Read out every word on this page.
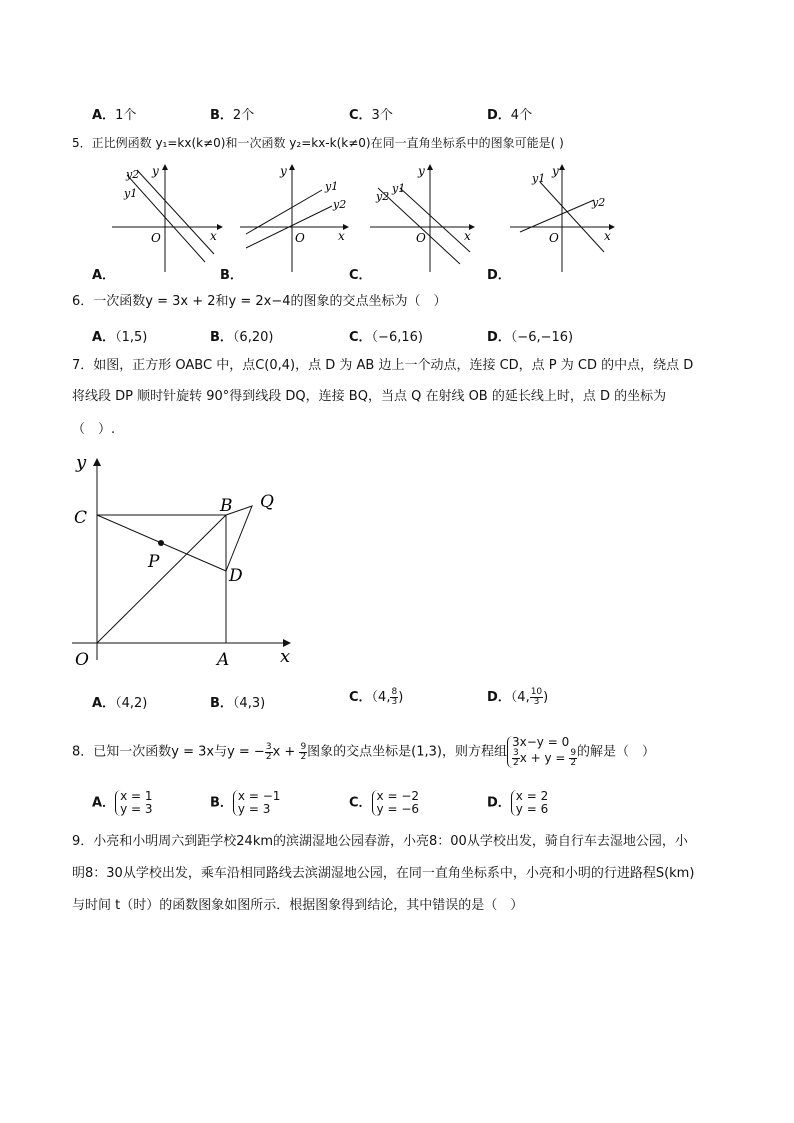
A．1个	B．2个	C．3个	D．4个
5．正比例函数 y₁=kx(k≠0)和一次函数 y₂=kx-k(k≠0)在同一直角坐标系中的图象可能是( )
y1
y2 y
x
O
y1
y2
y
x
O
y1
y2
y
x
O
y1
y2
y
x
O
A．	B．	C．	D．
6．一次函数y = 3x + 2和y = 2x−4的图象的交点坐标为（　）
A．（1,5)	B．（6,20)	C．（−6,16)	D．（−6,−16)
7．如图，正方形 OABC 中，点C(0,4)，点 D 为 AB 边上一个动点，连接 CD，点 P 为 CD 的中点，绕点 D
将线段 DP 顺时针旋转 90°得到线段 DQ，连接 BQ，当点 Q 在射线 OB 的延长线上时，点 D 的坐标为
（　）.
y
C
B Q
P
D
O	A	x
A．（4,2)	B．（4,3)	C．（4, $\frac{8}{3}$ )	D．（4, $\frac{10}{3}$ )
8．已知一次函数y = 3x与y = − $\frac{3}{2}$ $x + \frac{9}{2}$ 图象的交点坐标是(1,3)，则方程组
3x−y = 0
$\frac{3}{2}$ $x + y = \frac{9}{2}$ 的解是（　）
A． x = 1
y = 3	B． x = −1
y = 3	C． x = −2
y = −6	D． x = 2
y = 6
9．小亮和小明周六到距学校24km的滨湖湿地公园春游，小亮8：00从学校出发，骑自行车去湿地公园，小
明8：30从学校出发，乘车沿相同路线去滨湖湿地公园，在同一直角坐标系中，小亮和小明的行进路程S(km)
与时间 t（时）的函数图象如图所示．根据图象得到结论，其中错误的是（　）
